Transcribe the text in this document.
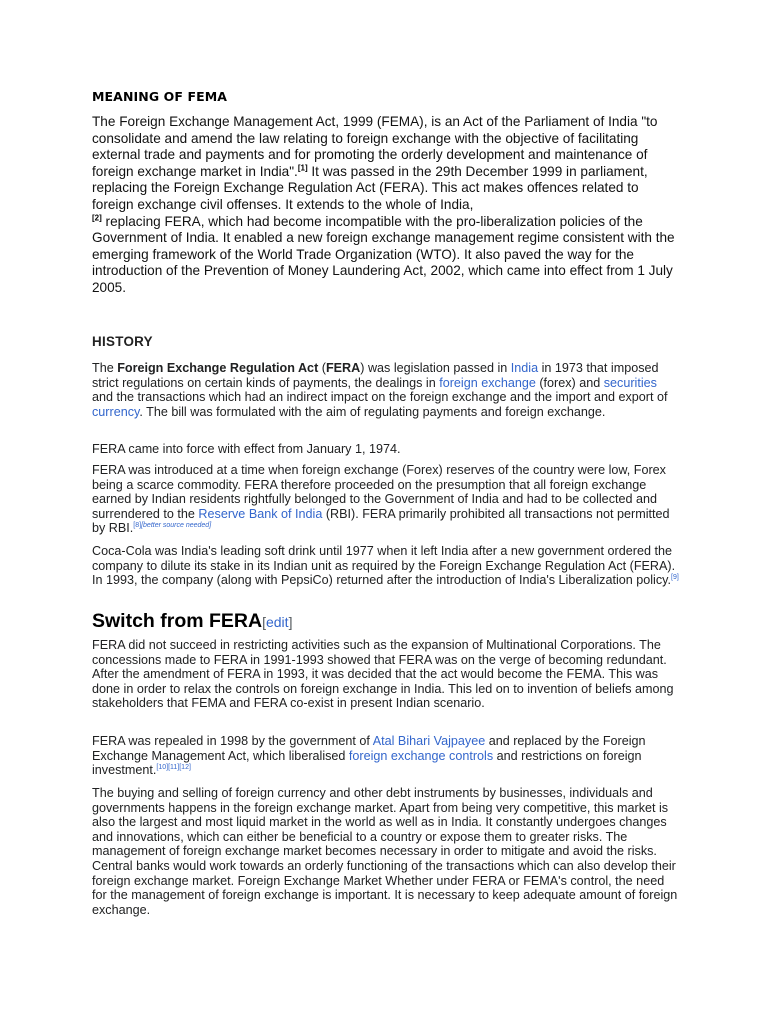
MEANING OF FEMA

The Foreign Exchange Management Act, 1999 (FEMA), is an Act of the Parliament of India "to consolidate and amend the law relating to foreign exchange with the objective of facilitating external trade and payments and for promoting the orderly development and maintenance of foreign exchange market in India".[1] It was passed in the 29th December 1999 in parliament, replacing the Foreign Exchange Regulation Act (FERA). This act makes offences related to foreign exchange civil offenses. It extends to the whole of India,
[2] replacing FERA, which had become incompatible with the pro-liberalization policies of the Government of India. It enabled a new foreign exchange management regime consistent with the emerging framework of the World Trade Organization (WTO). It also paved the way for the introduction of the Prevention of Money Laundering Act, 2002, which came into effect from 1 July 2005.

HISTORY

The Foreign Exchange Regulation Act (FERA) was legislation passed in India in 1973 that imposed strict regulations on certain kinds of payments, the dealings in foreign exchange (forex) and securities and the transactions which had an indirect impact on the foreign exchange and the import and export of currency. The bill was formulated with the aim of regulating payments and foreign exchange.

FERA came into force with effect from January 1, 1974.

FERA was introduced at a time when foreign exchange (Forex) reserves of the country were low, Forex being a scarce commodity. FERA therefore proceeded on the presumption that all foreign exchange earned by Indian residents rightfully belonged to the Government of India and had to be collected and surrendered to the Reserve Bank of India (RBI). FERA primarily prohibited all transactions not permitted by RBI.[8][better source needed]

Coca-Cola was India's leading soft drink until 1977 when it left India after a new government ordered the company to dilute its stake in its Indian unit as required by the Foreign Exchange Regulation Act (FERA). In 1993, the company (along with PepsiCo) returned after the introduction of India's Liberalization policy.[9]

Switch from FERA[edit]

FERA did not succeed in restricting activities such as the expansion of Multinational Corporations. The concessions made to FERA in 1991-1993 showed that FERA was on the verge of becoming redundant. After the amendment of FERA in 1993, it was decided that the act would become the FEMA. This was done in order to relax the controls on foreign exchange in India. This led on to invention of beliefs among stakeholders that FEMA and FERA co-exist in present Indian scenario.

FERA was repealed in 1998 by the government of Atal Bihari Vajpayee and replaced by the Foreign Exchange Management Act, which liberalised foreign exchange controls and restrictions on foreign investment.[10][11][12]

The buying and selling of foreign currency and other debt instruments by businesses, individuals and governments happens in the foreign exchange market. Apart from being very competitive, this market is also the largest and most liquid market in the world as well as in India. It constantly undergoes changes and innovations, which can either be beneficial to a country or expose them to greater risks. The management of foreign exchange market becomes necessary in order to mitigate and avoid the risks. Central banks would work towards an orderly functioning of the transactions which can also develop their foreign exchange market. Foreign Exchange Market Whether under FERA or FEMA's control, the need for the management of foreign exchange is important. It is necessary to keep adequate amount of foreign exchange.
